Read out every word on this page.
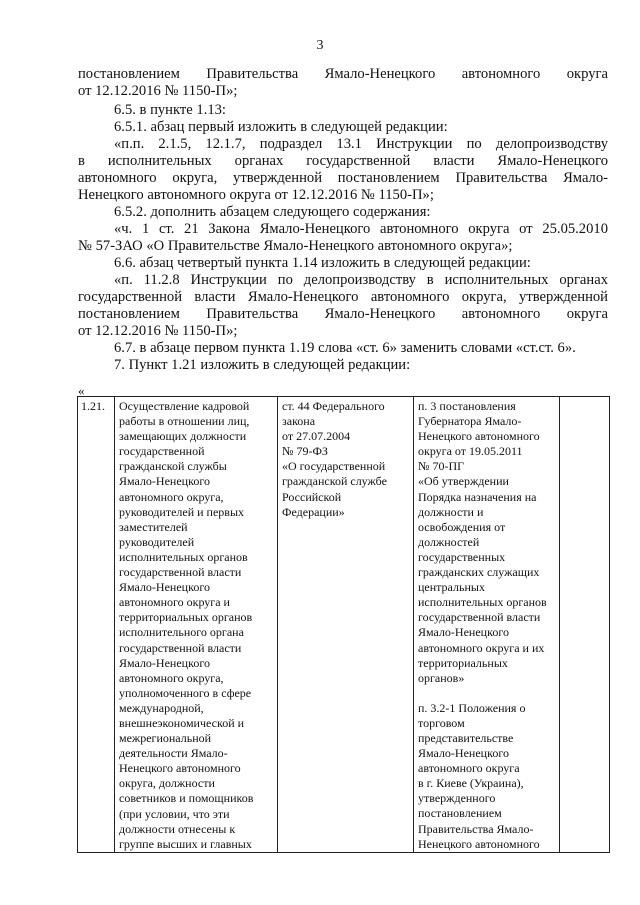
3
постановлением Правительства Ямало-Ненецкого автономного округа
от 12.12.2016 № 1150-П»;
6.5. в пункте 1.13:
6.5.1. абзац первый изложить в следующей редакции:
«п.п. 2.1.5, 12.1.7, подраздел 13.1 Инструкции по делопроизводству
в исполнительных органах государственной власти Ямало-Ненецкого
автономного округа, утвержденной постановлением Правительства Ямало-
Ненецкого автономного округа от 12.12.2016 № 1150-П»;
6.5.2. дополнить абзацем следующего содержания:
«ч. 1 ст. 21 Закона Ямало-Ненецкого автономного округа от 25.05.2010
№ 57-ЗАО «О Правительстве Ямало-Ненецкого автономного округа»;
6.6. абзац четвертый пункта 1.14 изложить в следующей редакции:
«п. 11.2.8 Инструкции по делопроизводству в исполнительных органах
государственной власти Ямало-Ненецкого автономного округа, утвержденной
постановлением Правительства Ямало-Ненецкого автономного округа
от 12.12.2016 № 1150-П»;
6.7. в абзаце первом пункта 1.19 слова «ст. 6» заменить словами «ст.ст. 6».
7. Пункт 1.21 изложить в следующей редакции:
«
1.21.	Осуществление кадровой
работы в отношении лиц,
замещающих должности
государственной
гражданской службы
Ямало-Ненецкого
автономного округа,
руководителей и первых
заместителей
руководителей
исполнительных органов
государственной власти
Ямало-Ненецкого
автономного округа и
территориальных органов
исполнительного органа
государственной власти
Ямало-Ненецкого
автономного округа,
уполномоченного в сфере
международной,
внешнеэкономической и
межрегиональной
деятельности Ямало-
Ненецкого автономного
округа, должности
советников и помощников
(при условии, что эти
должности отнесены к
группе высших и главных

ст. 44 Федерального
закона
от 27.07.2004
№ 79-ФЗ
«О государственной
гражданской службе
Российской
Федерации»

п. 3 постановления
Губернатора Ямало-
Ненецкого автономного
округа от 19.05.2011
№ 70-ПГ
«Об утверждении
Порядка назначения на
должности и
освобождения от
должностей
государственных
гражданских служащих
центральных
исполнительных органов
государственной власти
Ямало-Ненецкого
автономного округа и их
территориальных
органов»
п. 3.2-1 Положения о
торговом
представительстве
Ямало-Ненецкого
автономного округа
в г. Киеве (Украина),
утвержденного
постановлением
Правительства Ямало-
Ненецкого автономного
